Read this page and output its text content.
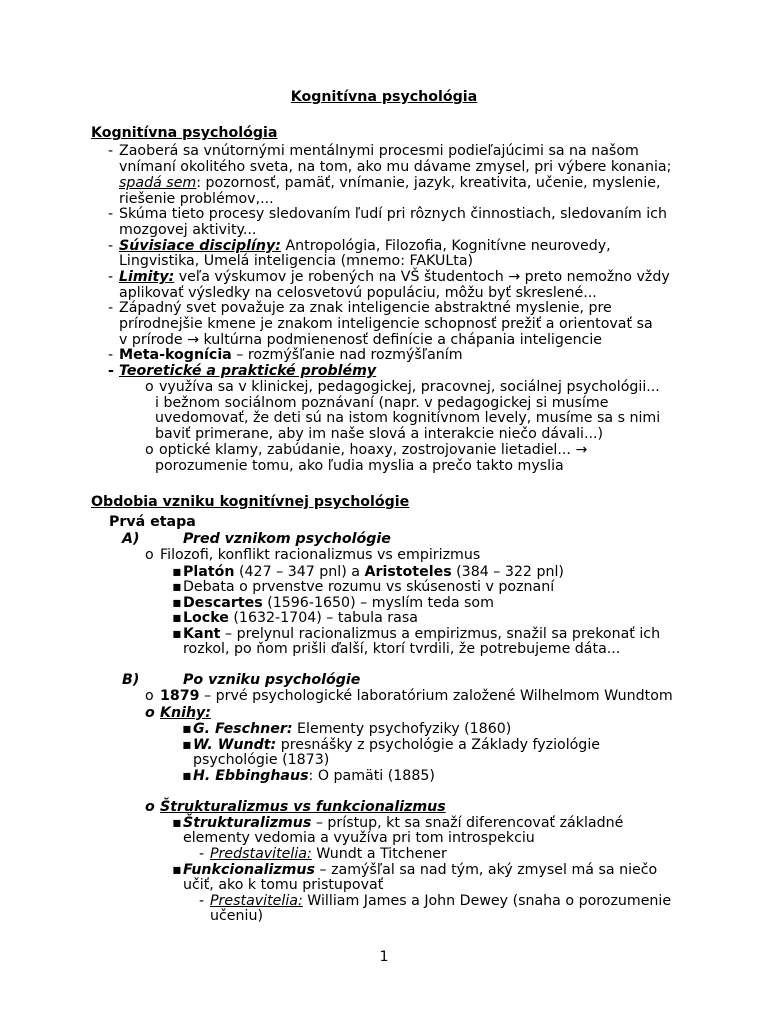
Kognitívna psychológia
Kognitívna psychológia
- Zaoberá sa vnútornými mentálnymi procesmi podieľajúcimi sa na našom
vnímaní okolitého sveta, na tom, ako mu dávame zmysel, pri výbere konania;
spadá sem: pozornosť, pamäť, vnímanie, jazyk, kreativita, učenie, myslenie,
riešenie problémov,...
- Skúma tieto procesy sledovaním ľudí pri rôznych činnostiach, sledovaním ich
mozgovej aktivity...
- Súvisiace disciplíny: Antropológia, Filozofia, Kognitívne neurovedy,
Lingvistika, Umelá inteligencia (mnemo: FAKULta)
- Limity: veľa výskumov je robených na VŠ študentoch → preto nemožno vždy
aplikovať výsledky na celosvetovú populáciu, môžu byť skreslené...
- Západný svet považuje za znak inteligencie abstraktné myslenie, pre
prírodnejšie kmene je znakom inteligencie schopnosť prežiť a orientovať sa
v prírode → kultúrna podmienenosť definície a chápania inteligencie
- Meta-kognícia – rozmýšľanie nad rozmýšľaním
- Teoretické a praktické problémy
o využíva sa v klinickej, pedagogickej, pracovnej, sociálnej psychológii...
i bežnom sociálnom poznávaní (napr. v pedagogickej si musíme
uvedomovať, že deti sú na istom kognitívnom levely, musíme sa s nimi
baviť primerane, aby im naše slová a interakcie niečo dávali...)
o optické klamy, zabúdanie, hoaxy, zostrojovanie lietadiel... →
porozumenie tomu, ako ľudia myslia a prečo takto myslia
Obdobia vzniku kognitívnej psychológie
Prvá etapa
A)	Pred vznikom psychológie
o Filozofi, konflikt racionalizmus vs empirizmus
▪ Platón (427 – 347 pnl) a Aristoteles (384 – 322 pnl)
▪ Debata o prvenstve rozumu vs skúsenosti v poznaní
▪ Descartes (1596-1650) – myslím teda som
▪ Locke (1632-1704) – tabula rasa
▪ Kant – prelynul racionalizmus a empirizmus, snažil sa prekonať ich
rozkol, po ňom prišli ďalší, ktorí tvrdili, že potrebujeme dáta...
B)	Po vzniku psychológie
o 1879 – prvé psychologické laboratórium založené Wilhelmom Wundtom
o Knihy:
▪ G. Feschner: Elementy psychofyziky (1860)
▪ W. Wundt: presnášky z psychológie a Základy fyziológie
psychológie (1873)
▪ H. Ebbinghaus: O pamäti (1885)
o Štrukturalizmus vs funkcionalizmus
▪ Štrukturalizmus – prístup, kt sa snaží diferencovať základné
elementy vedomia a využíva pri tom introspekciu
- Predstavitelia: Wundt a Titchener
▪ Funkcionalizmus – zamýšľal sa nad tým, aký zmysel má sa niečo
učiť, ako k tomu pristupovať
- Prestavitelia: William James a John Dewey (snaha o porozumenie
učeniu)
1
